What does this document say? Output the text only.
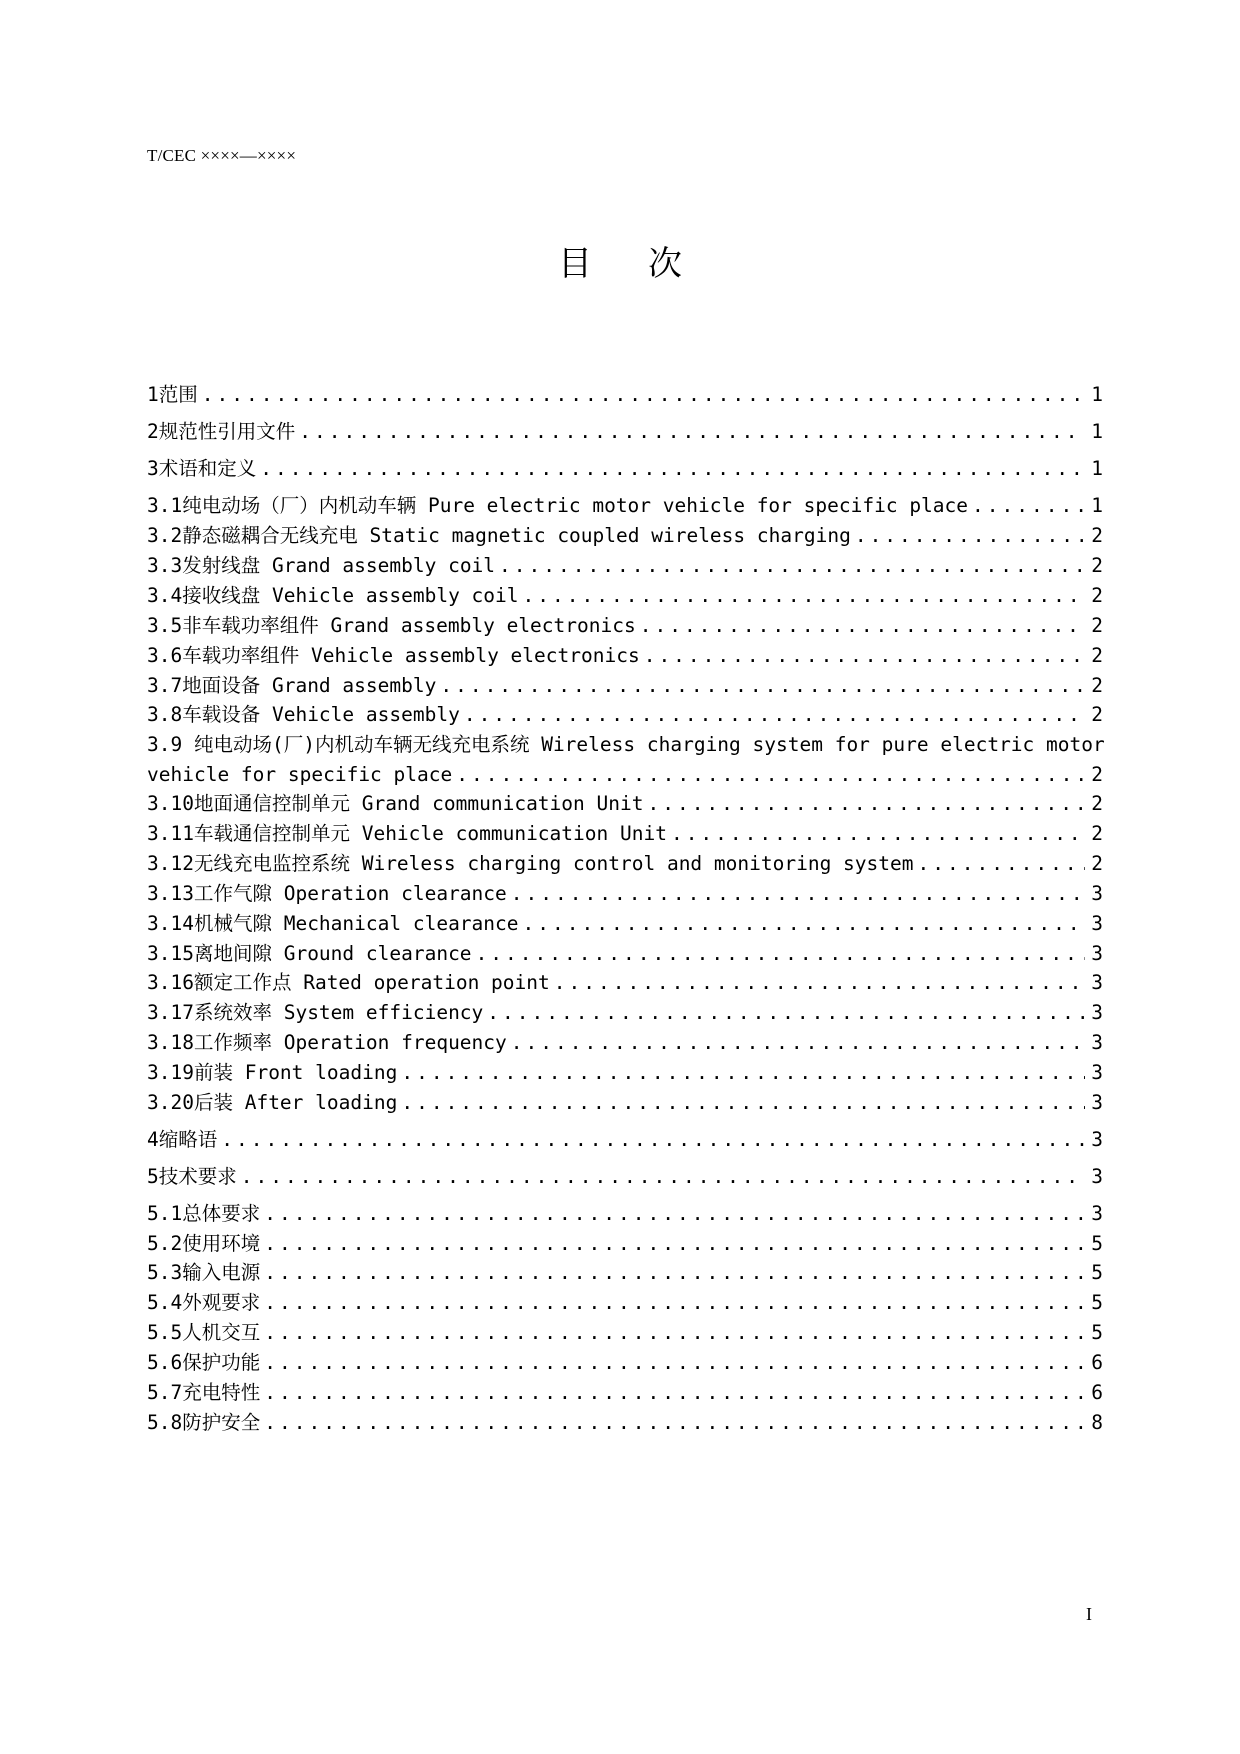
T/CEC ××××—××××
目次
1 范围 .....	1
2 规范性引用文件 .....	1
3 术语和定义 .....	1
3.1 纯电动场（厂）内机动车辆 Pure electric motor vehicle for specific place .....	1
3.2 静态磁耦合无线充电 Static magnetic coupled wireless charging .....	2
3.3 发射线盘 Grand assembly coil .....	2
3.4 接收线盘 Vehicle assembly coil .....	2
3.5 非车载功率组件 Grand assembly electronics .....	2
3.6 车载功率组件 Vehicle assembly electronics .....	2
3.7 地面设备 Grand assembly .....	2
3.8 车载设备 Vehicle assembly .....	2
3.9 纯电动场(厂)内机动车辆无线充电系统 Wireless charging system for pure electric motor
vehicle for specific place .....	2
3.10 地面通信控制单元 Grand communication Unit .....	2
3.11 车载通信控制单元 Vehicle communication Unit .....	2
3.12 无线充电监控系统 Wireless charging control and monitoring system .....	2
3.13 工作气隙 Operation clearance .....	3
3.14 机械气隙 Mechanical clearance .....	3
3.15 离地间隙 Ground clearance .....	3
3.16 额定工作点 Rated operation point .....	3
3.17 系统效率 System efficiency .....	3
3.18 工作频率 Operation frequency .....	3
3.19 前装 Front loading .....	3
3.20 后装 After loading .....	3
4 缩略语 .....	3
5 技术要求 .....	3
5.1 总体要求 .....	3
5.2 使用环境 .....	5
5.3 输入电源 .....	5
5.4 外观要求 .....	5
5.5 人机交互 .....	5
5.6 保护功能 .....	6
5.7 充电特性 .....	6
5.8 防护安全 .....	8
I
